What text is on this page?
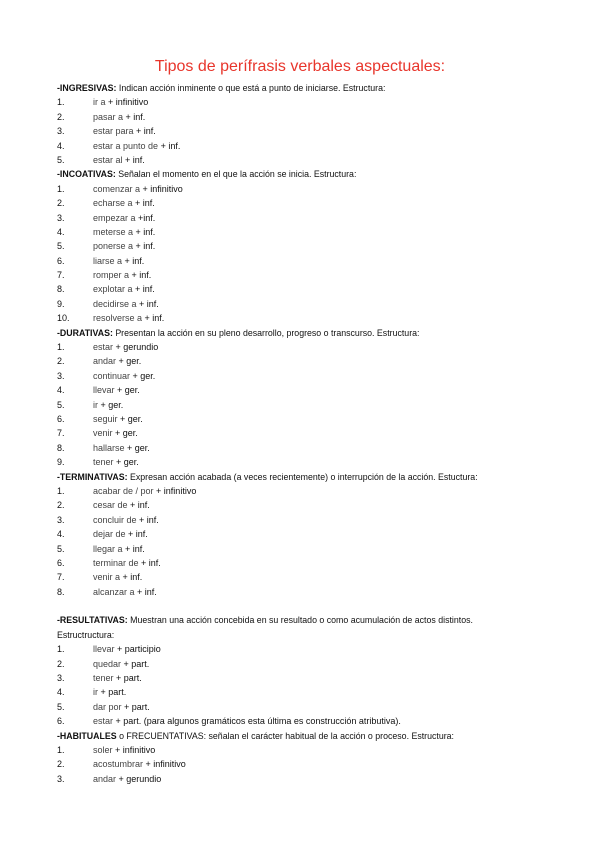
Tipos de perífrasis verbales aspectuales:
-INGRESIVAS: Indican acción inminente o que está a punto de iniciarse. Estructura:
1.	ir a + infinitivo
2.	pasar a + inf.
3.	estar para + inf.
4.	estar a punto de + inf.
5.	estar al + inf.
-INCOATIVAS: Señalan el momento en el que la acción se inicia. Estructura:
1.	comenzar a + infinitivo
2.	echarse a + inf.
3.	empezar a +inf.
4.	meterse a + inf.
5.	ponerse a + inf.
6.	liarse a + inf.
7.	romper a + inf.
8.	explotar a + inf.
9.	decidirse a + inf.
10.	resolverse a + inf.
-DURATIVAS: Presentan la acción en su pleno desarrollo, progreso o transcurso. Estructura:
1.	estar + gerundio
2.	andar + ger.
3.	continuar + ger.
4.	llevar + ger.
5.	ir + ger.
6.	seguir + ger.
7.	venir + ger.
8.	hallarse + ger.
9.	tener + ger.
-TERMINATIVAS: Expresan acción acabada (a veces recientemente) o interrupción de la acción. Estuctura:
1.	acabar de / por + infinitivo
2.	cesar de + inf.
3.	concluir de + inf.
4.	dejar de + inf.
5.	llegar a + inf.
6.	terminar de + inf.
7.	venir a + inf.
8.	alcanzar a + inf.
-RESULTATIVAS: Muestran una acción concebida en su resultado o como acumulación de actos distintos.
Estructructura:
1.	llevar + participio
2.	quedar + part.
3.	tener + part.
4.	ir + part.
5.	dar por + part.
6.	estar + part. (para algunos gramáticos esta última es construcción atributiva).
-HABITUALES o FRECUENTATIVAS: señalan el carácter habitual de la acción o proceso. Estructura:
1.	soler + infinitivo
2.	acostumbrar + infinitivo
3.	andar + gerundio
